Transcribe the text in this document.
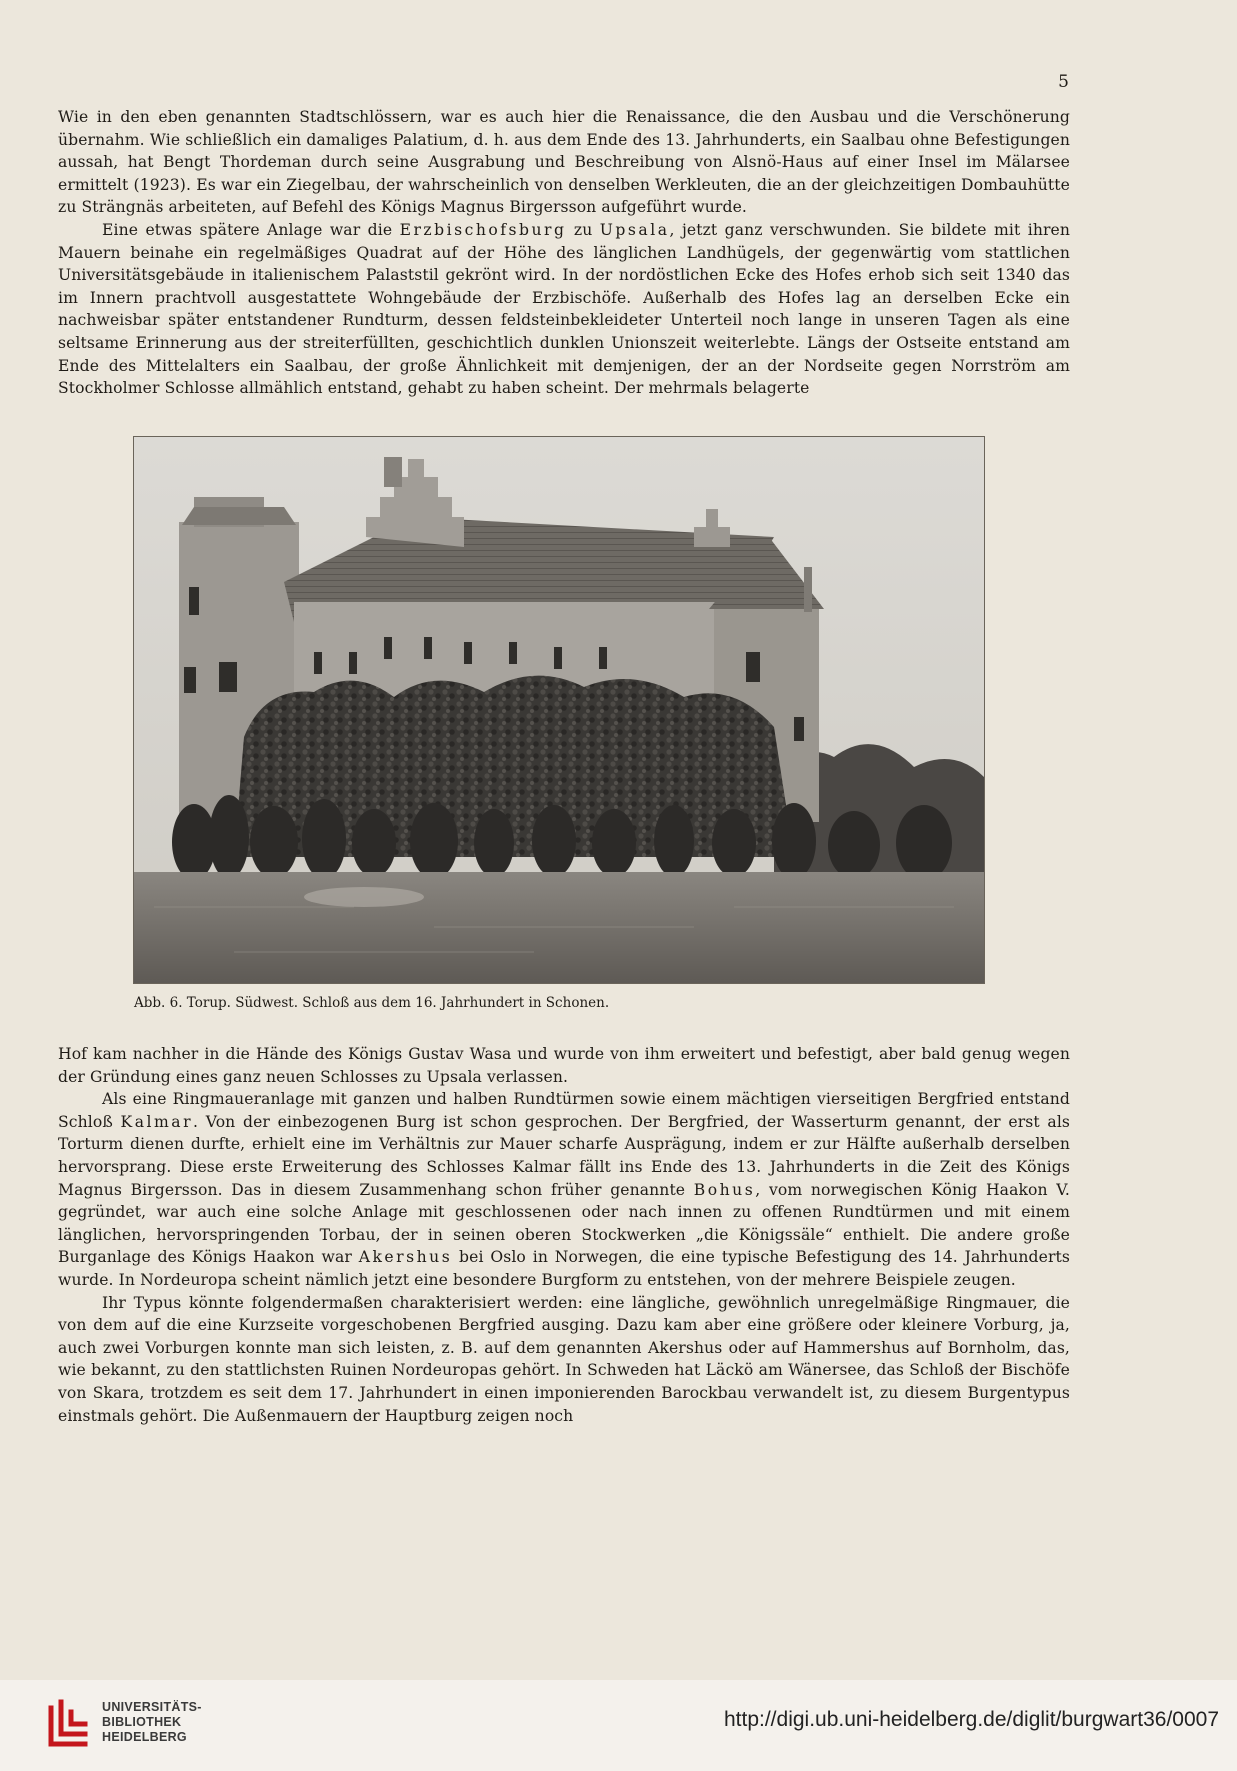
5

Wie in den eben genannten Stadtschlössern, war es auch hier die Renaissance, die den Ausbau und die Verschönerung übernahm. Wie schließlich ein damaliges Palatium, d. h. aus dem Ende des 13. Jahrhunderts, ein Saalbau ohne Befestigungen aussah, hat Bengt Thordeman durch seine Ausgrabung und Beschreibung von Alsnö-Haus auf einer Insel im Mälarsee ermittelt (1923). Es war ein Ziegelbau, der wahrscheinlich von denselben Werkleuten, die an der gleichzeitigen Dombauhütte zu Strängnäs arbeiteten, auf Befehl des Königs Magnus Birgersson aufgeführt wurde.

Eine etwas spätere Anlage war die Erzbischofsburg zu Upsala, jetzt ganz verschwunden. Sie bildete mit ihren Mauern beinahe ein regelmäßiges Quadrat auf der Höhe des länglichen Landhügels, der gegenwärtig vom stattlichen Universitätsgebäude in italienischem Palaststil gekrönt wird. In der nordöstlichen Ecke des Hofes erhob sich seit 1340 das im Innern prachtvoll ausgestattete Wohngebäude der Erzbischöfe. Außerhalb des Hofes lag an derselben Ecke ein nachweisbar später entstandener Rundturm, dessen feldsteinbekleideter Unterteil noch lange in unseren Tagen als eine seltsame Erinnerung aus der streiterfüllten, geschichtlich dunklen Unionszeit weiterlebte. Längs der Ostseite entstand am Ende des Mittelalters ein Saalbau, der große Ähnlichkeit mit demjenigen, der an der Nordseite gegen Norrström am Stockholmer Schlosse allmählich entstand, gehabt zu haben scheint. Der mehrmals belagerte

Abb. 6. Torup. Südwest. Schloß aus dem 16. Jahrhundert in Schonen.

Hof kam nachher in die Hände des Königs Gustav Wasa und wurde von ihm erweitert und befestigt, aber bald genug wegen der Gründung eines ganz neuen Schlosses zu Upsala verlassen.

Als eine Ringmaueranlage mit ganzen und halben Rundtürmen sowie einem mächtigen vierseitigen Bergfried entstand Schloß Kalmar. Von der einbezogenen Burg ist schon gesprochen. Der Bergfried, der Wasserturm genannt, der erst als Torturm dienen durfte, erhielt eine im Verhältnis zur Mauer scharfe Ausprägung, indem er zur Hälfte außerhalb derselben hervorsprang. Diese erste Erweiterung des Schlosses Kalmar fällt ins Ende des 13. Jahrhunderts in die Zeit des Königs Magnus Birgersson. Das in diesem Zusammenhang schon früher genannte Bohus, vom norwegischen König Haakon V. gegründet, war auch eine solche Anlage mit geschlossenen oder nach innen zu offenen Rundtürmen und mit einem länglichen, hervorspringenden Torbau, der in seinen oberen Stockwerken „die Königssäle“ enthielt. Die andere große Burganlage des Königs Haakon war Akershus bei Oslo in Norwegen, die eine typische Befestigung des 14. Jahrhunderts wurde. In Nordeuropa scheint nämlich jetzt eine besondere Burgform zu entstehen, von der mehrere Beispiele zeugen.

Ihr Typus könnte folgendermaßen charakterisiert werden: eine längliche, gewöhnlich unregelmäßige Ringmauer, die von dem auf die eine Kurzseite vorgeschobenen Bergfried ausging. Dazu kam aber eine größere oder kleinere Vorburg, ja, auch zwei Vorburgen konnte man sich leisten, z. B. auf dem genannten Akershus oder auf Hammershus auf Bornholm, das, wie bekannt, zu den stattlichsten Ruinen Nordeuropas gehört. In Schweden hat Läckö am Wänersee, das Schloß der Bischöfe von Skara, trotzdem es seit dem 17. Jahrhundert in einen imponierenden Barockbau verwandelt ist, zu diesem Burgentypus einstmals gehört. Die Außenmauern der Hauptburg zeigen noch

UNIVERSITÄTS-
BIBLIOTHEK
HEIDELBERG
http://digi.ub.uni-heidelberg.de/diglit/burgwart36/0007
